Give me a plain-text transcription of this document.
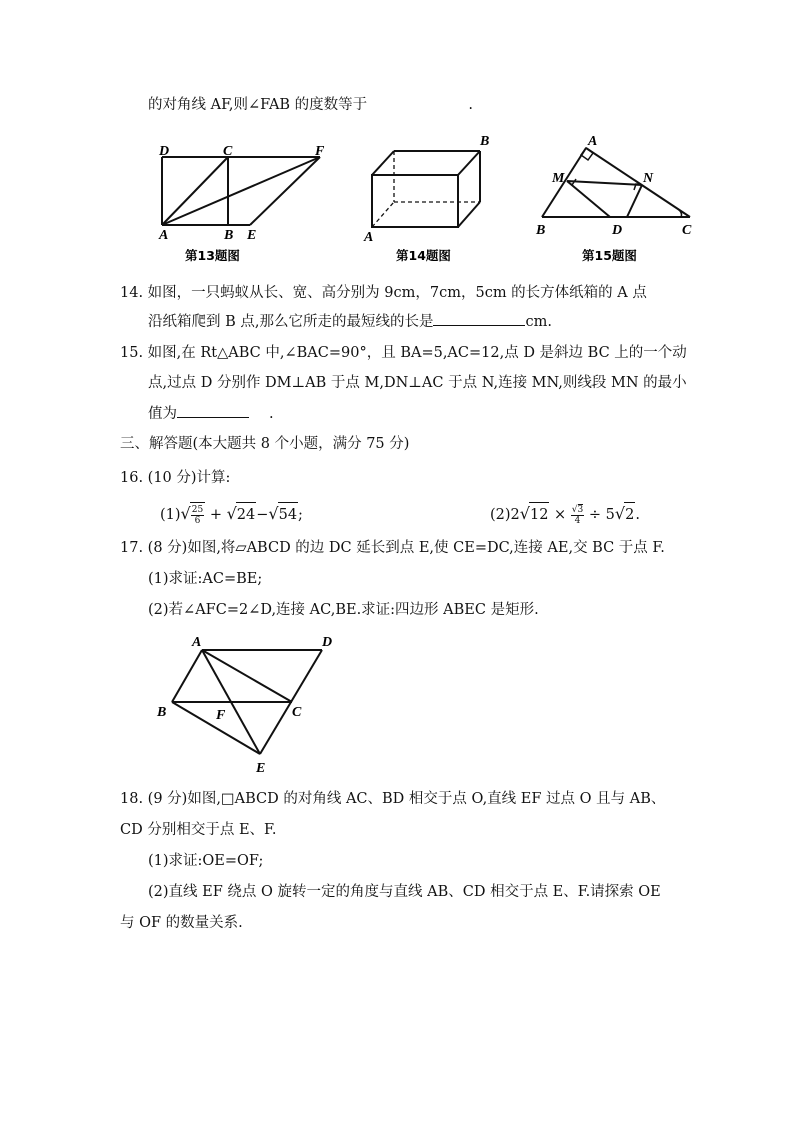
的对角线 AF,则∠FAB 的度数等于	.
D	C	F
A	B E
第13题图
B
A
第14题图
A
M	N
B	D	C
第15题图
14. 如图，一只蚂蚁从长、宽、高分别为 9cm，7cm，5cm 的长方体纸箱的 A 点
沿纸箱爬到 B 点,那么它所走的最短线的长是	cm.
15. 如图,在 Rt△ABC 中,∠BAC=90°，且 BA=5,AC=12,点 D 是斜边 BC 上的一个动
点,过点 D 分别作 DM⊥AB 于点 M,DN⊥AC 于点 N,连接 MN,则线段 MN 的最小
值为	.
三、解答题(本大题共 8 个小题，满分 75 分)
16. (10 分)计算:
$(1)√ \frac{25}{6} + √24-√54$;	$(2)2√12 \times \frac{√3}{4} \div 5√2$.
17. (8 分)如图,将▱ABCD 的边 DC 延长到点 E,使 CE=DC,连接 AE,交 BC 于点 F.
(1)求证:AC=BE;
(2)若∠AFC=2∠D,连接 AC,BE.求证:四边形 ABEC 是矩形.
A	D
B	F	C
E
18. (9 分)如图,□ABCD 的对角线 AC、BD 相交于点 O,直线 EF 过点 O 且与 AB、
CD 分别相交于点 E、F.
(1)求证:OE=OF;
(2)直线 EF 绕点 O 旋转一定的角度与直线 AB、CD 相交于点 E、F.请探索 OE
与 OF 的数量关系.
